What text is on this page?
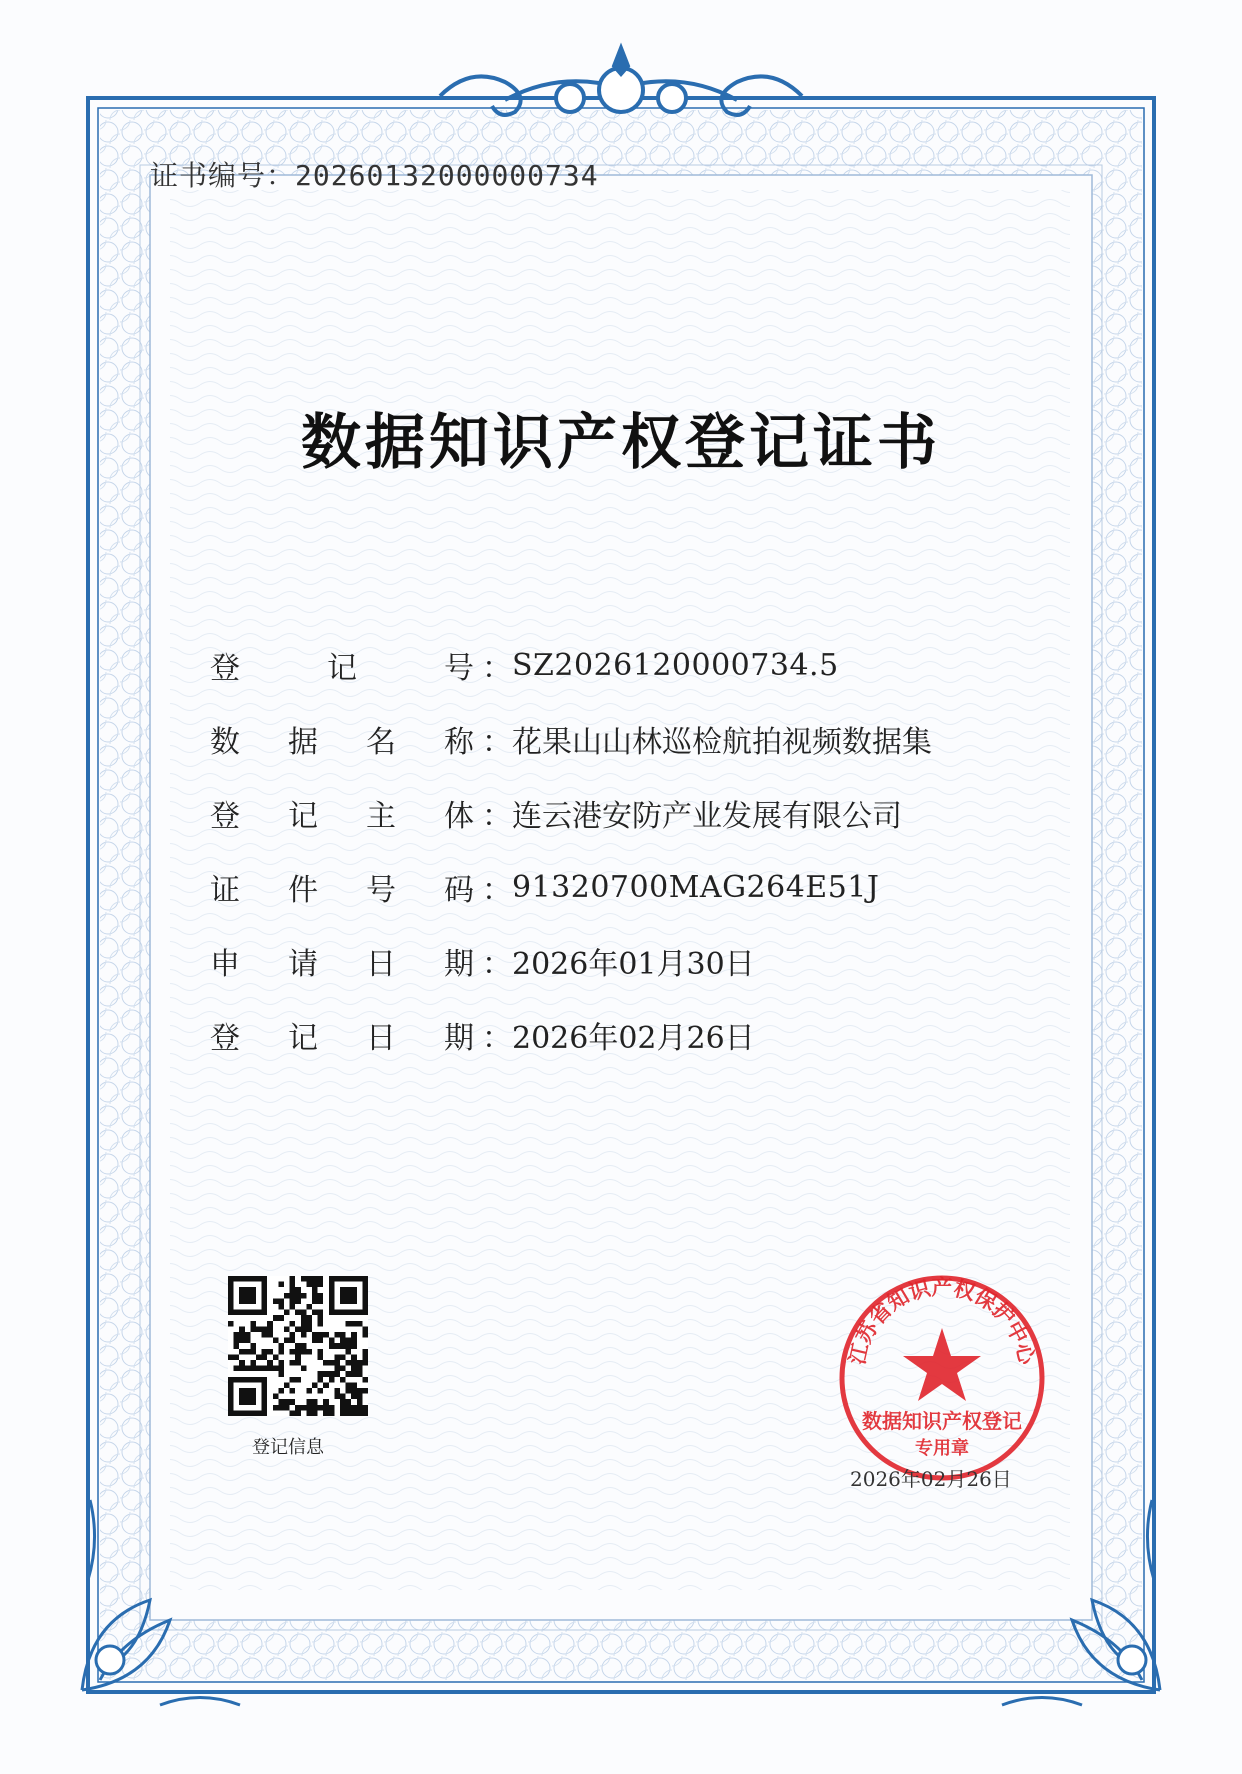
证书编号：20260132000000734
数据知识产权登记证书
登	记	号 ： SZ2026120000734.5
数 据 名 称 ： 花果山山林巡检航拍视频数据集
登 记 主 体 ： 连云港安防产业发展有限公司
证 件 号 码 ： 91320700MAG264E51J
申 请 日 期 ： 2026年01月30日
登 记 日 期 ： 2026年02月26日
登记信息
江苏省知识产权保护中心
数据知识产权登记
专用章
2026年02月26日
